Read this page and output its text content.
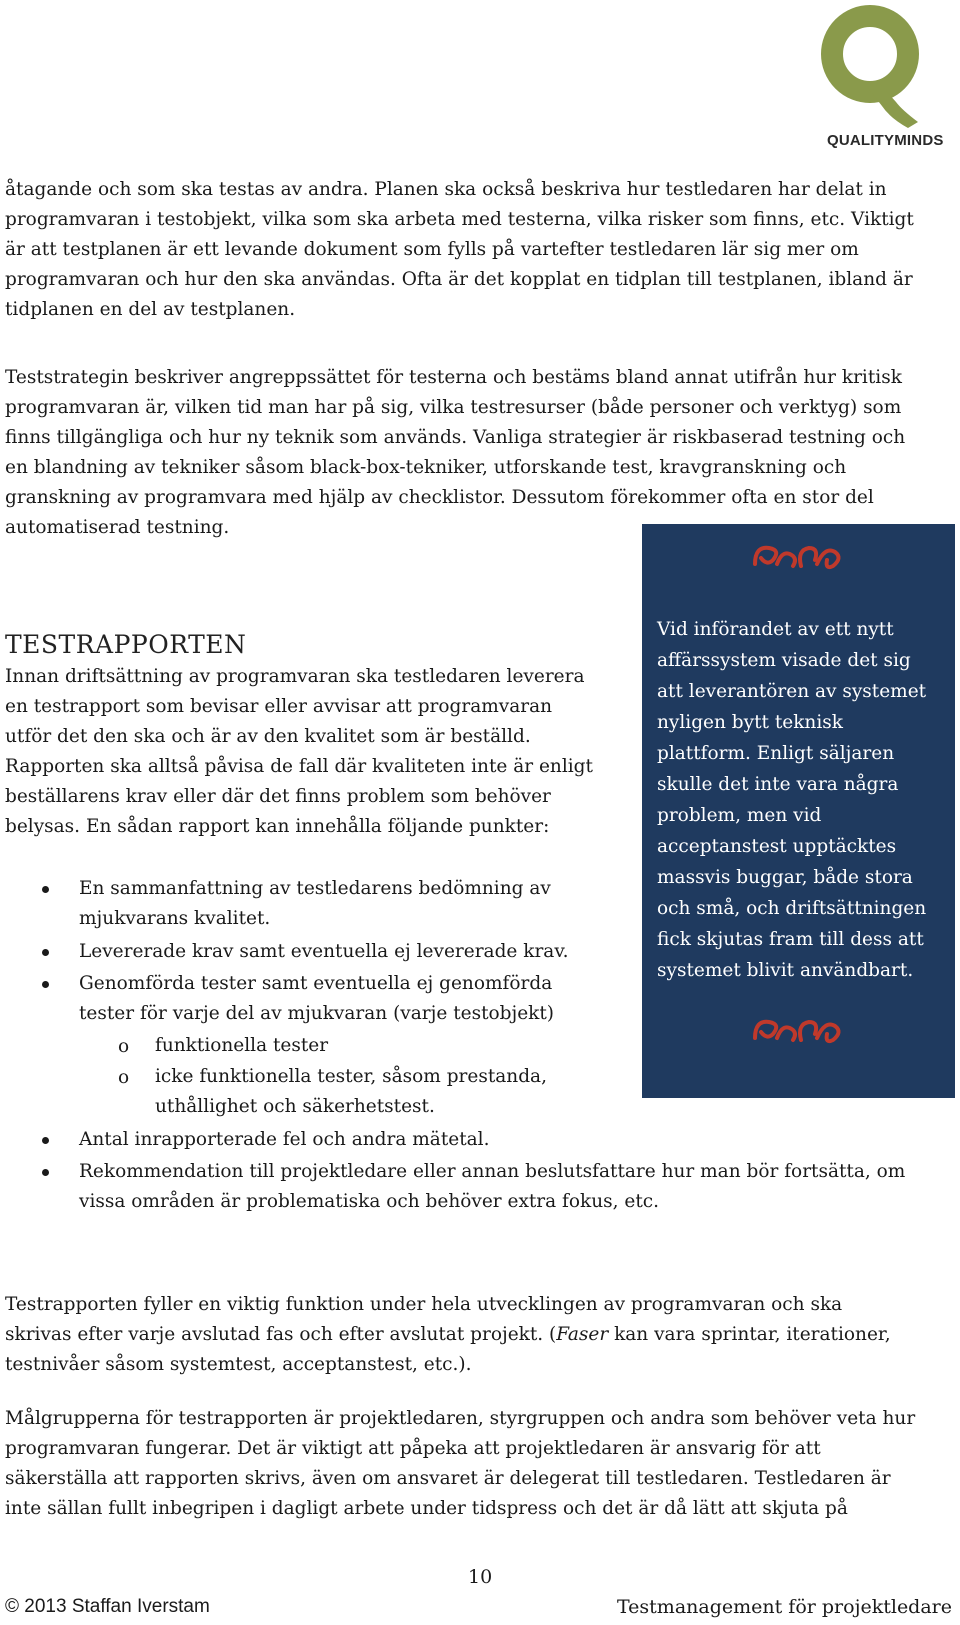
QUALITYMINDS

åtagande och som ska testas av andra. Planen ska också beskriva hur testledaren har delat in

programvaran i testobjekt, vilka som ska arbeta med testerna, vilka risker som finns, etc. Viktigt

är att testplanen är ett levande dokument som fylls på vartefter testledaren lär sig mer om

programvaran och hur den ska användas. Ofta är det kopplat en tidplan till testplanen, ibland är

tidplanen en del av testplanen.

Teststrategin beskriver angreppssättet för testerna och bestäms bland annat utifrån hur kritisk

programvaran är, vilken tid man har på sig, vilka testresurser (både personer och verktyg) som

finns tillgängliga och hur ny teknik som används. Vanliga strategier är riskbaserad testning och

en blandning av tekniker såsom black-box-tekniker, utforskande test, kravgranskning och

granskning av programvara med hjälp av checklistor. Dessutom förekommer ofta en stor del

automatiserad testning.

Vid införandet av ett nytt
affärssystem visade det sig
att leverantören av systemet
nyligen bytt teknisk
plattform. Enligt säljaren
skulle det inte vara några
problem, men vid
acceptanstest upptäcktes
massvis buggar, både stora
och små, och driftsättningen
fick skjutas fram till dess att
systemet blivit användbart.
TESTRAPPORTEN

Innan driftsättning av programvaran ska testledaren leverera

en testrapport som bevisar eller avvisar att programvaran

utför det den ska och är av den kvalitet som är beställd.

Rapporten ska alltså påvisa de fall där kvaliteten inte är enligt

beställarens krav eller där det finns problem som behöver

belysas. En sådan rapport kan innehålla följande punkter:

En sammanfattning av testledarens bedömning av
mjukvarans kvalitet.
Levererade krav samt eventuella ej levererade krav.
Genomförda tester samt eventuella ej genomförda
tester för varje del av mjukvaran (varje testobjekt)
o funktionella tester
o icke funktionella tester, såsom prestanda,
uthållighet och säkerhetstest.
Antal inrapporterade fel och andra mätetal.
Rekommendation till projektledare eller annan beslutsfattare hur man bör fortsätta, om
vissa områden är problematiska och behöver extra fokus, etc.

Testrapporten fyller en viktig funktion under hela utvecklingen av programvaran och ska

skrivas efter varje avslutad fas och efter avslutat projekt. (Faser kan vara sprintar, iterationer,

testnivåer såsom systemtest, acceptanstest, etc.).

Målgrupperna för testrapporten är projektledaren, styrgruppen och andra som behöver veta hur

programvaran fungerar. Det är viktigt att påpeka att projektledaren är ansvarig för att

säkerställa att rapporten skrivs, även om ansvaret är delegerat till testledaren. Testledaren är

inte sällan fullt inbegripen i dagligt arbete under tidspress och det är då lätt att skjuta på

10
© 2013 Staffan Iverstam	Testmanagement för projektledare
